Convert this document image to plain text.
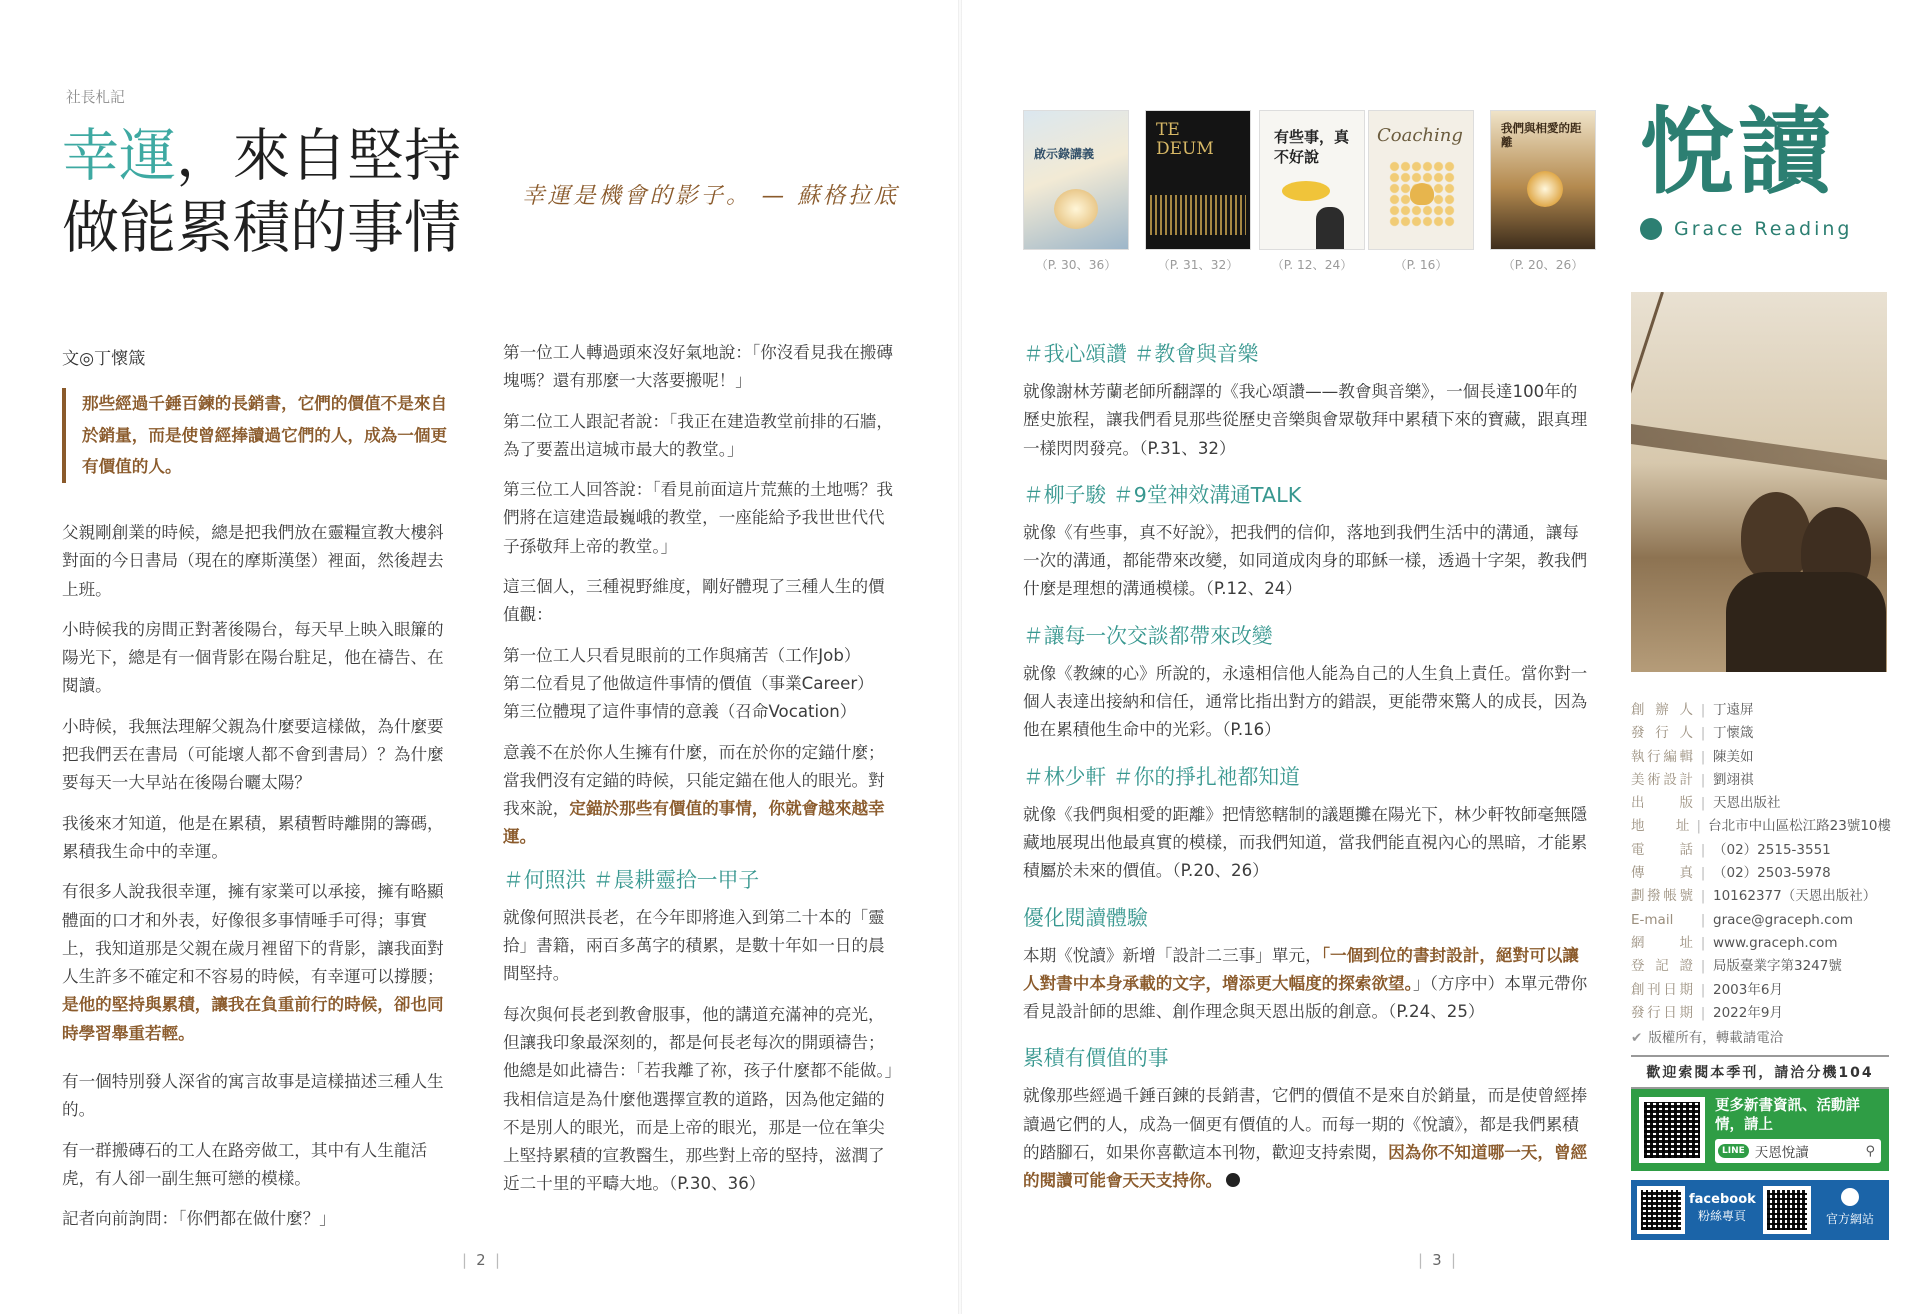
社長札記
幸運，來自堅持
做能累積的事情	幸運是機會的影子。 — 蘇格拉底
文◎丁懷箴
那些經過千錘百鍊的長銷書，它們的價值不是來自於銷量，而是使曾經捧讀過它們的人，成為一個更有價值的人。

父親剛創業的時候，總是把我們放在靈糧宣教大樓斜對面的今日書局（現在的摩斯漢堡）裡面，然後趕去上班。

小時候我的房間正對著後陽台，每天早上映入眼簾的陽光下，總是有一個背影在陽台駐足，他在禱告、在閱讀。

小時候，我無法理解父親為什麼要這樣做，為什麼要把我們丟在書局（可能壞人都不會到書局）？為什麼要每天一大早站在後陽台曬太陽？

我後來才知道，他是在累積，累積暫時離開的籌碼，累積我生命中的幸運。

有很多人說我很幸運，擁有家業可以承接，擁有略顯體面的口才和外表，好像很多事情唾手可得；事實上，我知道那是父親在歲月裡留下的背影，讓我面對人生許多不確定和不容易的時候，有幸運可以撐腰；是他的堅持與累積，讓我在負重前行的時候，卻也同時學習舉重若輕。

有一個特別發人深省的寓言故事是這樣描述三種人生的。

有一群搬磚石的工人在路旁做工，其中有人生龍活虎，有人卻一副生無可戀的模樣。

記者向前詢問：「你們都在做什麼？」

第一位工人轉過頭來沒好氣地說：「你沒看見我在搬磚塊嗎？還有那麼一大落要搬呢！」

第二位工人跟記者說：「我正在建造教堂前排的石牆，為了要蓋出這城市最大的教堂。」

第三位工人回答說：「看見前面這片荒蕪的土地嗎？我們將在這建造最巍峨的教堂，一座能給予我世世代代子孫敬拜上帝的教堂。」

這三個人，三種視野維度，剛好體現了三種人生的價值觀：

第一位工人只看見眼前的工作與痛苦（工作Job）
第二位看見了他做這件事情的價值（事業Career）
第三位體現了這件事情的意義（召命Vocation）

意義不在於你人生擁有什麼，而在於你的定錨什麼；當我們沒有定錨的時候，只能定錨在他人的眼光。對我來說，定錨於那些有價值的事情，你就會越來越幸運。

＃何照洪 ＃晨耕靈拾一甲子

就像何照洪長老，在今年即將進入到第二十本的「靈拾」書籍，兩百多萬字的積累，是數十年如一日的晨間堅持。

每次與何長老到教會服事，他的講道充滿神的亮光，但讓我印象最深刻的，都是何長老每次的開頭禱告；他總是如此禱告：「若我離了祢，孩子什麼都不能做。」我相信這是為什麼他選擇宣教的道路，因為他定錨的不是別人的眼光，而是上帝的眼光，那是一位在筆尖上堅持累積的宣教醫生，那些對上帝的堅持，滋潤了近二十里的平疇大地。（P.30、36）

| 2 |
啟示錄講義
（P. 30、36）
TE DEUM
（P. 31、32）
有些事，真不好說
（P. 12、24）
Coaching
（P. 16）
我們與相愛的距離
（P. 20、26）
＃我心頌讚 ＃教會與音樂

就像謝林芳蘭老師所翻譯的《我心頌讚——教會與音樂》，一個長達100年的歷史旅程，讓我們看見那些從歷史音樂與會眾敬拜中累積下來的寶藏，跟真理一樣閃閃發亮。（P.31、32）

＃柳子駿 ＃9堂神效溝通TALK

就像《有些事，真不好說》，把我們的信仰，落地到我們生活中的溝通，讓每一次的溝通，都能帶來改變，如同道成肉身的耶穌一樣，透過十字架，教我們什麼是理想的溝通模樣。（P.12、24）

＃讓每一次交談都帶來改變

就像《教練的心》所說的，永遠相信他人能為自己的人生負上責任。當你對一個人表達出接納和信任，通常比指出對方的錯誤，更能帶來驚人的成長，因為他在累積他生命中的光彩。（P.16）

＃林少軒 ＃你的掙扎祂都知道

就像《我們與相愛的距離》把情慾轄制的議題攤在陽光下，林少軒牧師毫無隱藏地展現出他最真實的模樣，而我們知道，當我們能直視內心的黑暗，才能累積屬於未來的價值。（P.20、26）

優化閱讀體驗

本期《悅讀》新增「設計二三事」單元，「一個到位的書封設計，絕對可以讓人對書中本身承載的文字，增添更大幅度的探索欲望。」（方序中）本單元帶你看見設計師的思維、創作理念與天恩出版的創意。（P.24、25）

累積有價值的事

就像那些經過千錘百鍊的長銷書，它們的價值不是來自於銷量，而是使曾經捧讀過它們的人，成為一個更有價值的人。而每一期的《悅讀》，都是我們累積的踏腳石，如果你喜歡這本刊物，歡迎支持索閱，因為你不知道哪一天，曾經的閱讀可能會天天支持你。

| 3 |
悅讀
Grace Reading
創辦人 | 丁遠屏
發行人 | 丁懷箴
執行編輯 | 陳美如
美術設計 | 劉翊祺
出版 | 天恩出版社
地址 | 台北市中山區松江路23號10樓
電話 | （02）2515-3551
傳真 | （02）2503-5978
劃撥帳號 | 10162377（天恩出版社）
E-mail	| grace@graceph.com
網址 | www.graceph.com
登記證 | 局版臺業字第3247號
創刊日期 | 2003年6月
發行日期 | 2022年9月
✔ 版權所有，轉載請電洽
歡迎索閱本季刊，請洽分機104
更多新書資訊、活動詳情，請上
LINE 天恩悅讀	⚲
facebook
粉絲專頁	官方網站
